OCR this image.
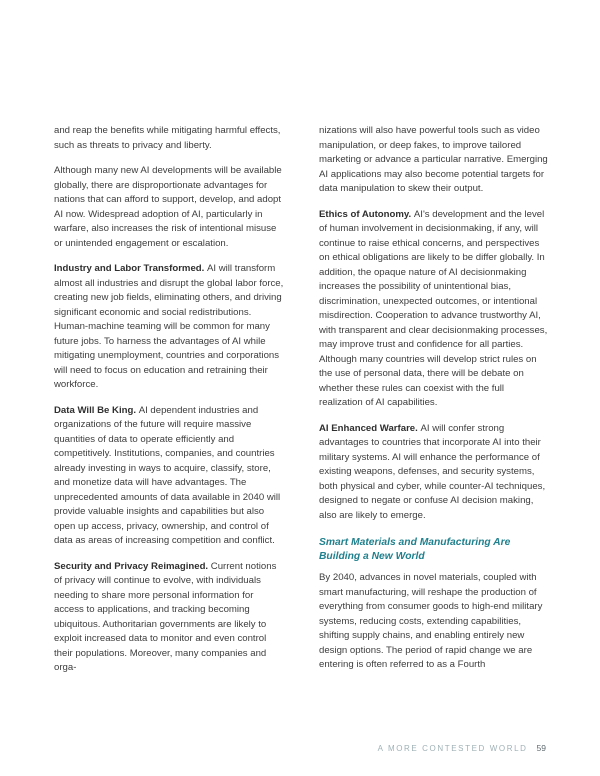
and reap the benefits while mitigating harmful effects, such as threats to privacy and liberty.

Although many new AI developments will be available globally, there are disproportionate advantages for nations that can afford to support, develop, and adopt AI now. Widespread adoption of AI, particularly in warfare, also increases the risk of intentional misuse or unintended engagement or escalation.

Industry and Labor Transformed. AI will transform almost all industries and disrupt the global labor force, creating new job fields, eliminating others, and driving significant economic and social redistributions. Human-machine teaming will be common for many future jobs. To harness the advantages of AI while mitigating unemployment, countries and corporations will need to focus on education and retraining their workforce.

Data Will Be King. AI dependent industries and organizations of the future will require massive quantities of data to operate efficiently and competitively. Institutions, companies, and countries already investing in ways to acquire, classify, store, and monetize data will have advantages. The unprecedented amounts of data available in 2040 will provide valuable insights and capabilities but also open up access, privacy, ownership, and control of data as areas of increasing competition and conflict.

Security and Privacy Reimagined. Current notions of privacy will continue to evolve, with individuals needing to share more personal information for access to applications, and tracking becoming ubiquitous. Authoritarian governments are likely to exploit increased data to monitor and even control their populations. Moreover, many companies and orga-

nizations will also have powerful tools such as video manipulation, or deep fakes, to improve tailored marketing or advance a particular narrative. Emerging AI applications may also become potential targets for data manipulation to skew their output.

Ethics of Autonomy. AI's development and the level of human involvement in decisionmaking, if any, will continue to raise ethical concerns, and perspectives on ethical obligations are likely to be differ globally. In addition, the opaque nature of AI decisionmaking increases the possibility of unintentional bias, discrimination, unexpected outcomes, or intentional misdirection. Cooperation to advance trustworthy AI, with transparent and clear decisionmaking processes, may improve trust and confidence for all parties. Although many countries will develop strict rules on the use of personal data, there will be debate on whether these rules can coexist with the full realization of AI capabilities.

AI Enhanced Warfare. AI will confer strong advantages to countries that incorporate AI into their military systems. AI will enhance the performance of existing weapons, defenses, and security systems, both physical and cyber, while counter-AI techniques, designed to negate or confuse AI decision making, also are likely to emerge.

Smart Materials and Manufacturing Are Building a New World

By 2040, advances in novel materials, coupled with smart manufacturing, will reshape the production of everything from consumer goods to high-end military systems, reducing costs, extending capabilities, shifting supply chains, and enabling entirely new design options. The period of rapid change we are entering is often referred to as a Fourth

A MORE CONTESTED WORLD 59
